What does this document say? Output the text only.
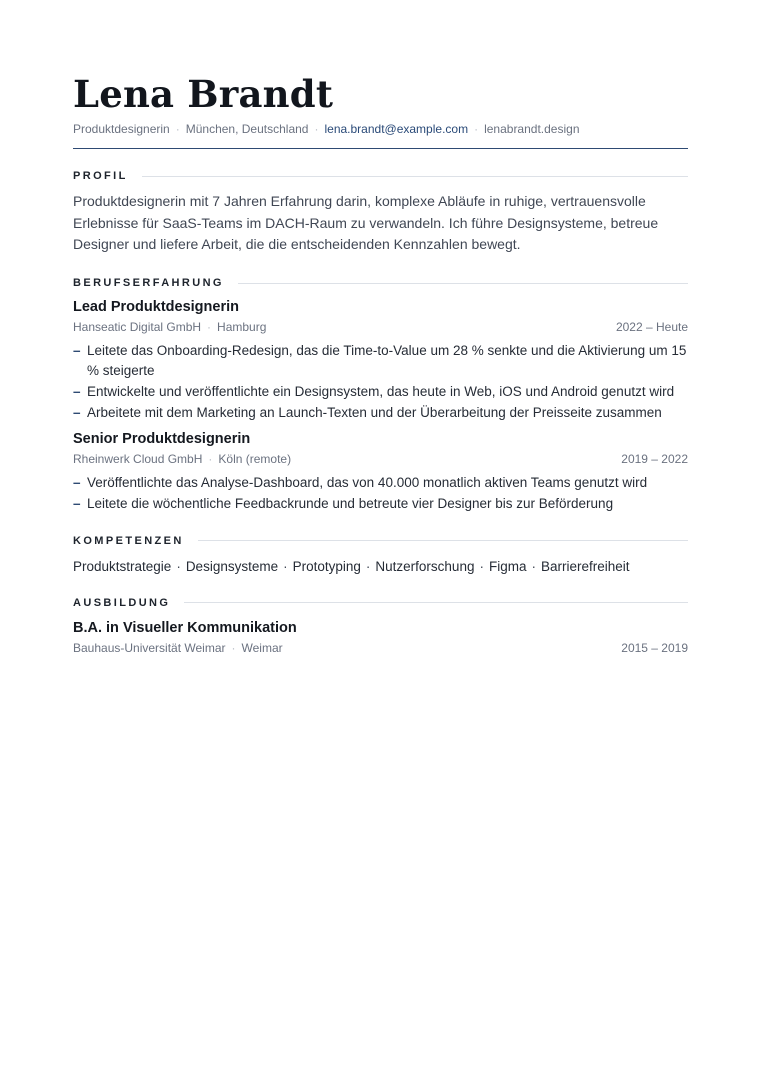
Lena Brandt
Produktdesignerin · München, Deutschland · lena.brandt@example.com · lenabrandt.design
PROFIL
Produktdesignerin mit 7 Jahren Erfahrung darin, komplexe Abläufe in ruhige, vertrauensvolle Erlebnisse für SaaS-Teams im DACH-Raum zu verwandeln. Ich führe Designsysteme, betreue Designer und liefere Arbeit, die die entscheidenden Kennzahlen bewegt.
BERUFSERFAHRUNG
Lead Produktdesignerin
Hanseatic Digital GmbH · Hamburg	2022 – Heute
– Leitete das Onboarding-Redesign, das die Time-to-Value um 28 % senkte und die Aktivierung um 15 % steigerte
– Entwickelte und veröffentlichte ein Designsystem, das heute in Web, iOS und Android genutzt wird
– Arbeitete mit dem Marketing an Launch-Texten und der Überarbeitung der Preisseite zusammen
Senior Produktdesignerin
Rheinwerk Cloud GmbH · Köln (remote)	2019 – 2022
– Veröffentlichte das Analyse-Dashboard, das von 40.000 monatlich aktiven Teams genutzt wird
– Leitete die wöchentliche Feedbackrunde und betreute vier Designer bis zur Beförderung
KOMPETENZEN
Produktstrategie · Designsysteme · Prototyping · Nutzerforschung · Figma · Barrierefreiheit
AUSBILDUNG
B.A. in Visueller Kommunikation
Bauhaus-Universität Weimar · Weimar	2015 – 2019
